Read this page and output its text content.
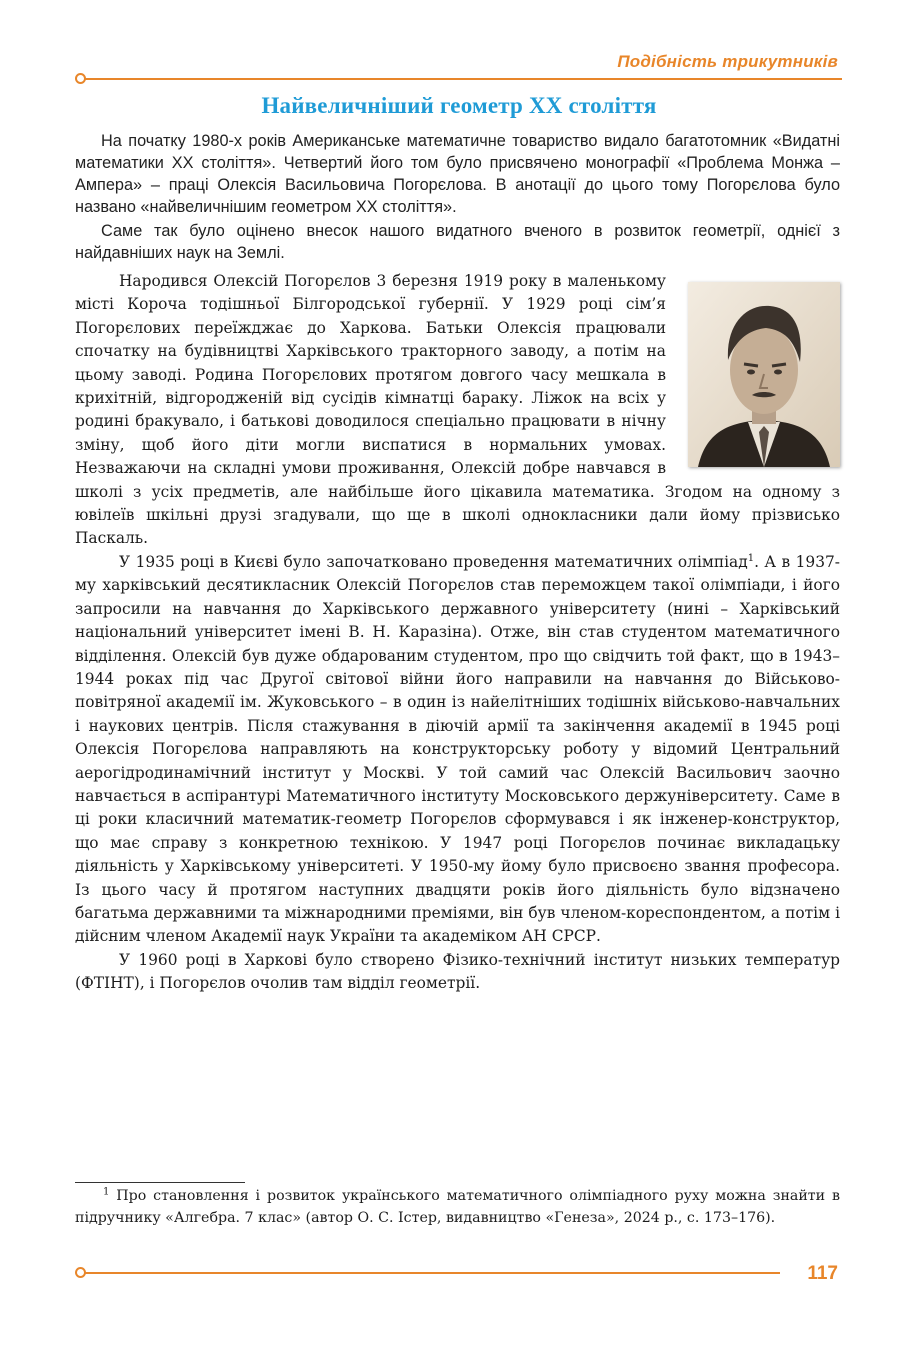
Подібність трикутників
Найвеличніший геометр XX століття

На початку 1980-х років Американське математичне товариство видало багатотомник «Видатні математики XX століття». Четвертий його том було присвячено монографії «Проблема Монжа – Ампера» – праці Олексія Васильовича Погорєлова. В анотації до цього тому Погорєлова було названо «найвеличнішим геометром XX століття».

Саме так було оцінено внесок нашого видатного вченого в розвиток геометрії, однієї з найдавніших наук на Землі.

Народився Олексій Погорєлов 3 березня 1919 року в маленькому місті Короча тодішньої Білгородської губернії. У 1929 році сім’я Погорєлових переїжджає до Харкова. Батьки Олексія працювали спочатку на будівництві Харківського тракторного заводу, а потім на цьому заводі. Родина Погорєлових протягом довгого часу мешкала в крихітній, відгородженій від сусідів кімнатці бараку. Ліжок на всіх у родині бракувало, і батькові доводилося спеціально працювати в нічну зміну, щоб його діти могли виспатися в нормальних умовах. Незважаючи на складні умови проживання, Олексій добре навчався в школі з усіх предметів, але найбільше його цікавила математика. Згодом на одному з ювілеїв шкільні друзі згадували, що ще в школі однокласники дали йому прізвисько Паскаль.

У 1935 році в Києві було започатковано проведення математичних олімпіад$^1$. А в 1937-му харківський десятикласник Олексій Погорєлов став переможцем такої олімпіади, і його запросили на навчання до Харківського державного університету (нині – Харківський національний університет імені В. Н. Каразіна). Отже, він став студентом математичного відділення. Олексій був дуже обдарованим студентом, про що свідчить той факт, що в 1943–1944 роках під час Другої світової війни його направили на навчання до Військово-повітряної академії ім. Жуковського – в один із найелітніших тодішніх військово-навчальних і наукових центрів. Після стажування в діючій армії та закінчення академії в 1945 році Олексія Погорєлова направляють на конструкторську роботу у відомий Центральний аерогідродинамічний інститут у Москві. У той самий час Олексій Васильович заочно навчається в аспірантурі Математичного інституту Московського держуніверситету. Саме в ці роки класичний математик-геометр Погорєлов сформувався і як інженер-конструктор, що має справу з конкретною технікою. У 1947 році Погорєлов починає викладацьку діяльність у Харківському університеті. У 1950-му йому було присвоєно звання професора. Із цього часу й протягом наступних двадцяти років його діяльність було відзначено багатьма державними та міжнародними преміями, він був членом-кореспондентом, а потім і дійсним членом Академії наук України та академіком АН СРСР.

У 1960 році в Харкові було створено Фізико-технічний інститут низьких температур (ФТІНТ), і Погорєлов очолив там відділ геометрії.

$^1$ Про становлення і розвиток українського математичного олімпіадного руху можна знайти в підручнику «Алгебра. 7 клас» (автор О. С. Істер, видавництво «Генеза», 2024 р., с. 173–176).

117
